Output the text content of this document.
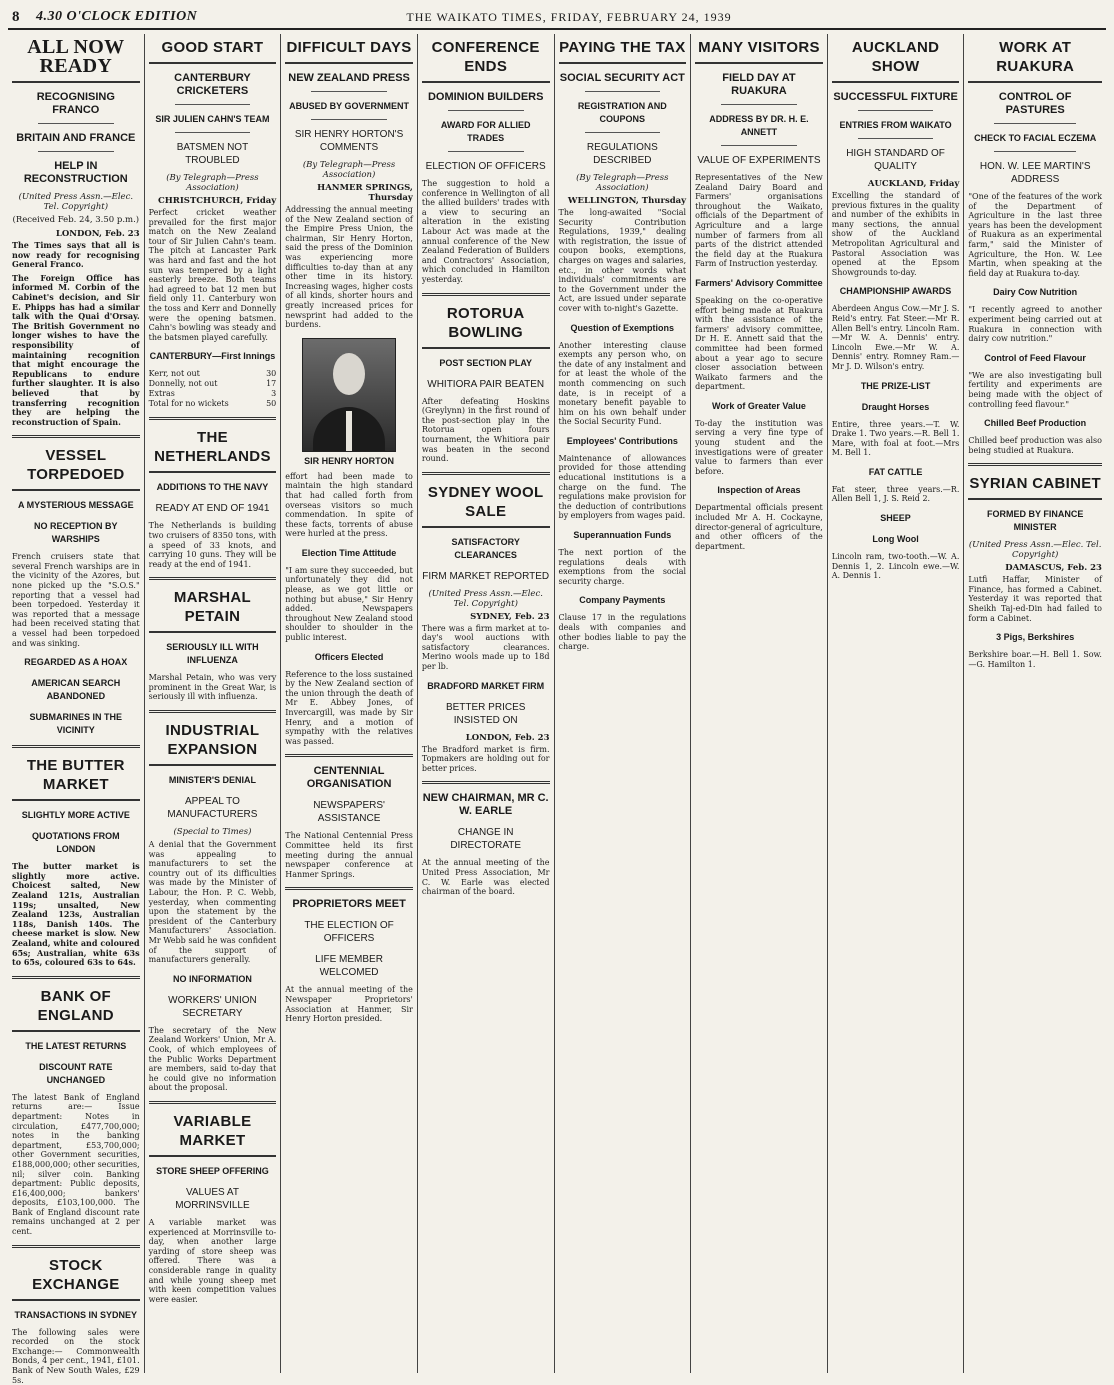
8	4.30 O'CLOCK EDITION	THE WAIKATO TIMES, FRIDAY, FEBRUARY 24, 1939
ALL NOW READY
RECOGNISING FRANCO
BRITAIN AND FRANCE
HELP IN RECONSTRUCTION
(United Press Assn.—Elec. Tel. Copyright)
(Received Feb. 24, 3.50 p.m.)
LONDON, Feb. 23

The Times says that all is now ready for recognising General Franco.

The Foreign Office has informed M. Corbin of the Cabinet's decision, and Sir E. Phipps has had a similar talk with the Quai d'Orsay. The British Government no longer wishes to have the responsibility of maintaining recognition that might encourage the Republicans to endure further slaughter. It is also believed that by transferring recognition they are helping the reconstruction of Spain.

VESSEL TORPEDOED
A MYSTERIOUS MESSAGE
NO RECEPTION BY WARSHIPS

French cruisers state that several French warships are in the vicinity of the Azores, but none picked up the "S.O.S." reporting that a vessel had been torpedoed. Yesterday it was reported that a message had been received stating that a vessel had been torpedoed and was sinking.

REGARDED AS A HOAX
AMERICAN SEARCH ABANDONED
SUBMARINES IN THE VICINITY
THE BUTTER MARKET
SLIGHTLY MORE ACTIVE
QUOTATIONS FROM LONDON

The butter market is slightly more active. Choicest salted, New Zealand 121s, Australian 119s; unsalted, New Zealand 123s, Australian 118s, Danish 140s. The cheese market is slow. New Zealand, white and coloured 65s; Australian, white 63s to 65s, coloured 63s to 64s.

BANK OF ENGLAND
THE LATEST RETURNS
DISCOUNT RATE UNCHANGED

The latest Bank of England returns are:— Issue department: Notes in circulation, £477,700,000; notes in the banking department, £53,700,000; other Government securities, £188,000,000; other securities, nil; silver coin. Banking department: Public deposits, £16,400,000; bankers' deposits, £103,100,000. The Bank of England discount rate remains unchanged at 2 per cent.

STOCK EXCHANGE
TRANSACTIONS IN SYDNEY

The following sales were recorded on the stock Exchange:— Commonwealth Bonds, 4 per cent., 1941, £101. Bank of New South Wales, £29 5s.

GOOD START
CANTERBURY CRICKETERS
SIR JULIEN CAHN'S TEAM
BATSMEN NOT TROUBLED
(By Telegraph—Press Association)
CHRISTCHURCH, Friday

Perfect cricket weather prevailed for the first major match on the New Zealand tour of Sir Julien Cahn's team. The pitch at Lancaster Park was hard and fast and the hot sun was tempered by a light easterly breeze. Both teams had agreed to bat 12 men but field only 11. Canterbury won the toss and Kerr and Donnelly were the opening batsmen. Cahn's bowling was steady and the batsmen played carefully.

CANTERBURY—First Innings
Kerr, not out	30
Donnelly, not out	17
Extras	3
Total for no wickets	50
THE NETHERLANDS
ADDITIONS TO THE NAVY
READY AT END OF 1941

The Netherlands is building two cruisers of 8350 tons, with a speed of 33 knots, and carrying 10 guns. They will be ready at the end of 1941.

MARSHAL PETAIN
SERIOUSLY ILL WITH INFLUENZA

Marshal Petain, who was very prominent in the Great War, is seriously ill with influenza.

INDUSTRIAL EXPANSION
MINISTER'S DENIAL
APPEAL TO MANUFACTURERS
(Special to Times)

A denial that the Government was appealing to manufacturers to set the country out of its difficulties was made by the Minister of Labour, the Hon. P. C. Webb, yesterday, when commenting upon the statement by the president of the Canterbury Manufacturers' Association. Mr Webb said he was confident of the support of manufacturers generally.

NO INFORMATION
WORKERS' UNION SECRETARY

The secretary of the New Zealand Workers' Union, Mr A. Cook, of which employees of the Public Works Department are members, said to-day that he could give no information about the proposal.

VARIABLE MARKET
STORE SHEEP OFFERING
VALUES AT MORRINSVILLE

A variable market was experienced at Morrinsville to-day, when another large yarding of store sheep was offered. There was a considerable range in quality and while young sheep met with keen competition values were easier.

DIFFICULT DAYS
NEW ZEALAND PRESS
ABUSED BY GOVERNMENT
SIR HENRY HORTON'S COMMENTS
(By Telegraph—Press Association)
HANMER SPRINGS, Thursday

Addressing the annual meeting of the New Zealand section of the Empire Press Union, the chairman, Sir Henry Horton, said the press of the Dominion was experiencing more difficulties to-day than at any other time in its history. Increasing wages, higher costs of all kinds, shorter hours and greatly increased prices for newsprint had added to the burdens.

SIR HENRY HORTON

effort had been made to maintain the high standard that had called forth from overseas visitors so much commendation. In spite of these facts, torrents of abuse were hurled at the press.

Election Time Attitude

"I am sure they succeeded, but unfortunately they did not please, as we got little or nothing but abuse," Sir Henry added. Newspapers throughout New Zealand stood shoulder to shoulder in the public interest.

Officers Elected

Reference to the loss sustained by the New Zealand section of the union through the death of Mr E. Abbey Jones, of Invercargill, was made by Sir Henry, and a motion of sympathy with the relatives was passed.

CENTENNIAL ORGANISATION
NEWSPAPERS' ASSISTANCE

The National Centennial Press Committee held its first meeting during the annual newspaper conference at Hanmer Springs.

PROPRIETORS MEET
THE ELECTION OF OFFICERS
LIFE MEMBER WELCOMED

At the annual meeting of the Newspaper Proprietors' Association at Hanmer, Sir Henry Horton presided.

CONFERENCE ENDS
DOMINION BUILDERS
AWARD FOR ALLIED TRADES
ELECTION OF OFFICERS

The suggestion to hold a conference in Wellington of all the allied builders' trades with a view to securing an alteration in the existing Labour Act was made at the annual conference of the New Zealand Federation of Builders and Contractors' Association, which concluded in Hamilton yesterday.

ROTORUA BOWLING
POST SECTION PLAY
WHITIORA PAIR BEATEN

After defeating Hoskins (Greylynn) in the first round of the post-section play in the Rotorua open fours tournament, the Whitiora pair was beaten in the second round.

SYDNEY WOOL SALE
SATISFACTORY CLEARANCES
FIRM MARKET REPORTED
(United Press Assn.—Elec. Tel. Copyright)
SYDNEY, Feb. 23

There was a firm market at to-day's wool auctions with satisfactory clearances. Merino wools made up to 18d per lb.

BRADFORD MARKET FIRM
BETTER PRICES INSISTED ON
LONDON, Feb. 23

The Bradford market is firm. Topmakers are holding out for better prices.

NEW CHAIRMAN, MR C. W. EARLE
CHANGE IN DIRECTORATE

At the annual meeting of the United Press Association, Mr C. W. Earle was elected chairman of the board.

PAYING THE TAX
SOCIAL SECURITY ACT
REGISTRATION AND COUPONS
REGULATIONS DESCRIBED
(By Telegraph—Press Association)
WELLINGTON, Thursday

The long-awaited "Social Security Contribution Regulations, 1939," dealing with registration, the issue of coupon books, exemptions, charges on wages and salaries, etc., in other words what individuals' commitments are to the Government under the Act, are issued under separate cover with to-night's Gazette.

Question of Exemptions

Another interesting clause exempts any person who, on the date of any instalment and for at least the whole of the month commencing on such date, is in receipt of a monetary benefit payable to him on his own behalf under the Social Security Fund.

Employees' Contributions

Maintenance of allowances provided for those attending educational institutions is a charge on the fund. The regulations make provision for the deduction of contributions by employers from wages paid.

Superannuation Funds

The next portion of the regulations deals with exemptions from the social security charge.

Company Payments

Clause 17 in the regulations deals with companies and other bodies liable to pay the charge.

MANY VISITORS
FIELD DAY AT RUAKURA
ADDRESS BY DR. H. E. ANNETT
VALUE OF EXPERIMENTS

Representatives of the New Zealand Dairy Board and Farmers' organisations throughout the Waikato, officials of the Department of Agriculture and a large number of farmers from all parts of the district attended the field day at the Ruakura Farm of Instruction yesterday.

Farmers' Advisory Committee

Speaking on the co-operative effort being made at Ruakura with the assistance of the farmers' advisory committee, Dr H. E. Annett said that the committee had been formed about a year ago to secure closer association between Waikato farmers and the department.

Work of Greater Value

To-day the institution was serving a very fine type of young student and the investigations were of greater value to farmers than ever before.

Inspection of Areas

Departmental officials present included Mr A. H. Cockayne, director-general of agriculture, and other officers of the department.

AUCKLAND SHOW
SUCCESSFUL FIXTURE
ENTRIES FROM WAIKATO
HIGH STANDARD OF QUALITY
AUCKLAND, Friday

Excelling the standard of previous fixtures in the quality and number of the exhibits in many sections, the annual show of the Auckland Metropolitan Agricultural and Pastoral Association was opened at the Epsom Showgrounds to-day.

CHAMPIONSHIP AWARDS

Aberdeen Angus Cow.—Mr J. S. Reid's entry. Fat Steer.—Mr R. Allen Bell's entry. Lincoln Ram.—Mr W. A. Dennis' entry. Lincoln Ewe.—Mr W. A. Dennis' entry. Romney Ram.—Mr J. D. Wilson's entry.

THE PRIZE-LIST
Draught Horses

Entire, three years.—T. W. Drake 1. Two years.—R. Bell 1. Mare, with foal at foot.—Mrs M. Bell 1.

FAT CATTLE

Fat steer, three years.—R. Allen Bell 1, J. S. Reid 2.

SHEEP
Long Wool

Lincoln ram, two-tooth.—W. A. Dennis 1, 2. Lincoln ewe.—W. A. Dennis 1.

WORK AT RUAKURA
CONTROL OF PASTURES
CHECK TO FACIAL ECZEMA
HON. W. LEE MARTIN'S ADDRESS

"One of the features of the work of the Department of Agriculture in the last three years has been the development of Ruakura as an experimental farm," said the Minister of Agriculture, the Hon. W. Lee Martin, when speaking at the field day at Ruakura to-day.

Dairy Cow Nutrition

"I recently agreed to another experiment being carried out at Ruakura in connection with dairy cow nutrition."

Control of Feed Flavour

"We are also investigating bull fertility and experiments are being made with the object of controlling feed flavour."

Chilled Beef Production

Chilled beef production was also being studied at Ruakura.

SYRIAN CABINET
FORMED BY FINANCE MINISTER
(United Press Assn.—Elec. Tel. Copyright)
DAMASCUS, Feb. 23

Lutfi Haffar, Minister of Finance, has formed a Cabinet. Yesterday it was reported that Sheikh Taj-ed-Din had failed to form a Cabinet.

3 Pigs, Berkshires

Berkshire boar.—H. Bell 1. Sow.—G. Hamilton 1.
